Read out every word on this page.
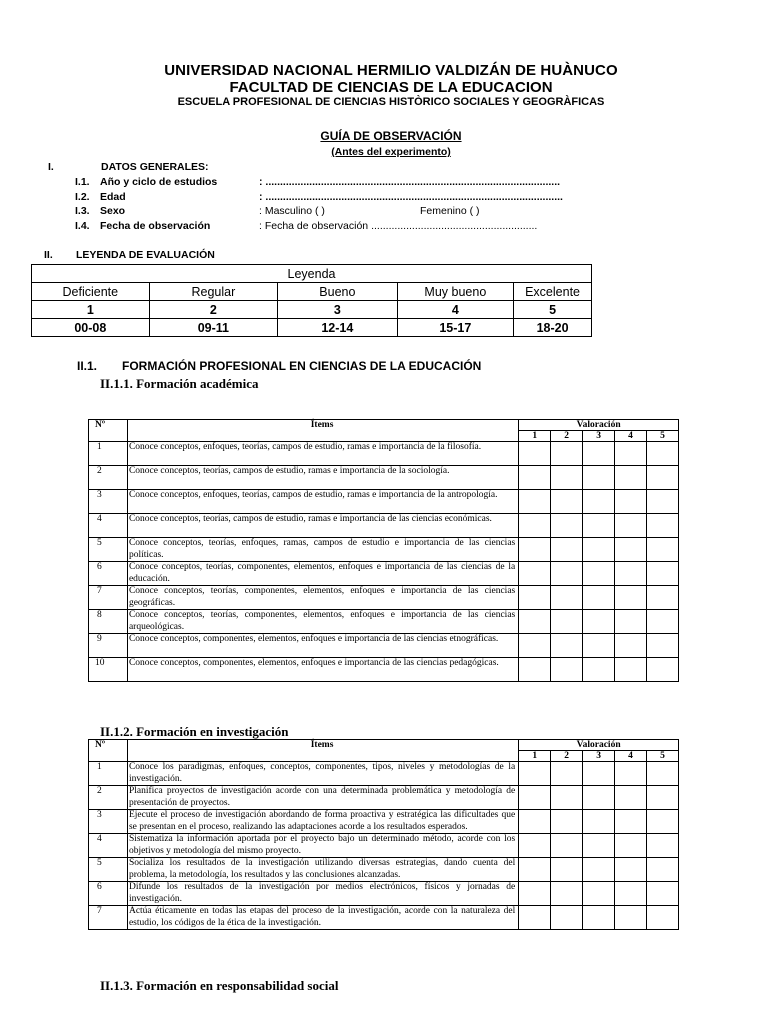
UNIVERSIDAD NACIONAL HERMILIO VALDIZÁN DE HUÀNUCO
FACULTAD DE CIENCIAS DE LA EDUCACION
ESCUELA PROFESIONAL DE CIENCIAS HISTÒRICO SOCIALES Y GEOGRÀFICAS
GUÍA DE OBSERVACIÓN
(Antes del experimento)
I.	DATOS GENERALES:
I.1. Año y ciclo de estudios	: .....................................................................................................
I.2. Edad	: ......................................................................................................
I.3. Sexo	: Masculino ( )	Femenino ( )
I.4. Fecha de observación	: Fecha de observación .........................................................
II. LEYENDA DE EVALUACIÓN
Leyenda				
Deficiente	Regular	Bueno	Muy bueno	Excelente
1	2	3	4	5
00-08	09-11	12-14	15-17	18-20
II.1. FORMACIÓN PROFESIONAL EN CIENCIAS DE LA EDUCACIÓN
II.1.1. Formación académica
Nº	Ítems	Valoración				
		1	2	3	4	5
1	Conoce conceptos, enfoques, teorías, campos de estudio, ramas e importancia de la filosofía.					
2	Conoce conceptos, teorías, campos de estudio, ramas e importancia de la sociología.					
3	Conoce conceptos, enfoques, teorías, campos de estudio, ramas e importancia de la antropología.					
4	Conoce conceptos, teorías, campos de estudio, ramas e importancia de las ciencias económicas.					
5	Conoce conceptos, teorías, enfoques, ramas, campos de estudio e importancia de las ciencias políticas.					
6	Conoce conceptos, teorías, componentes, elementos, enfoques e importancia de las ciencias de la educación.					
7	Conoce conceptos, teorías, componentes, elementos, enfoques e importancia de las ciencias geográficas.					
8	Conoce conceptos, teorías, componentes, elementos, enfoques e importancia de las ciencias arqueológicas.					
9	Conoce conceptos, componentes, elementos, enfoques e importancia de las ciencias etnográficas.					
10	Conoce conceptos, componentes, elementos, enfoques e importancia de las ciencias pedagógicas.					
II.1.2. Formación en investigación
Nº	Ítems	Valoración				
		1	2	3	4	5
1	Conoce los paradigmas, enfoques, conceptos, componentes, tipos, niveles y metodologías de la investigación.					
2	Planifica proyectos de investigación acorde con una determinada problemática y metodología de presentación de proyectos.					
3	Ejecute el proceso de investigación abordando de forma proactiva y estratégica las dificultades que se presentan en el proceso, realizando las adaptaciones acorde a los resultados esperados.					
4	Sistematiza la información aportada por el proyecto bajo un determinado método, acorde con los objetivos y metodología del mismo proyecto.					
5	Socializa los resultados de la investigación utilizando diversas estrategias, dando cuenta del problema, la metodología, los resultados y las conclusiones alcanzadas.					
6	Difunde los resultados de la investigación por medios electrónicos, físicos y jornadas de investigación.					
7	Actúa éticamente en todas las etapas del proceso de la investigación, acorde con la naturaleza del estudio, los códigos de la ética de la investigación.					
II.1.3. Formación en responsabilidad social
